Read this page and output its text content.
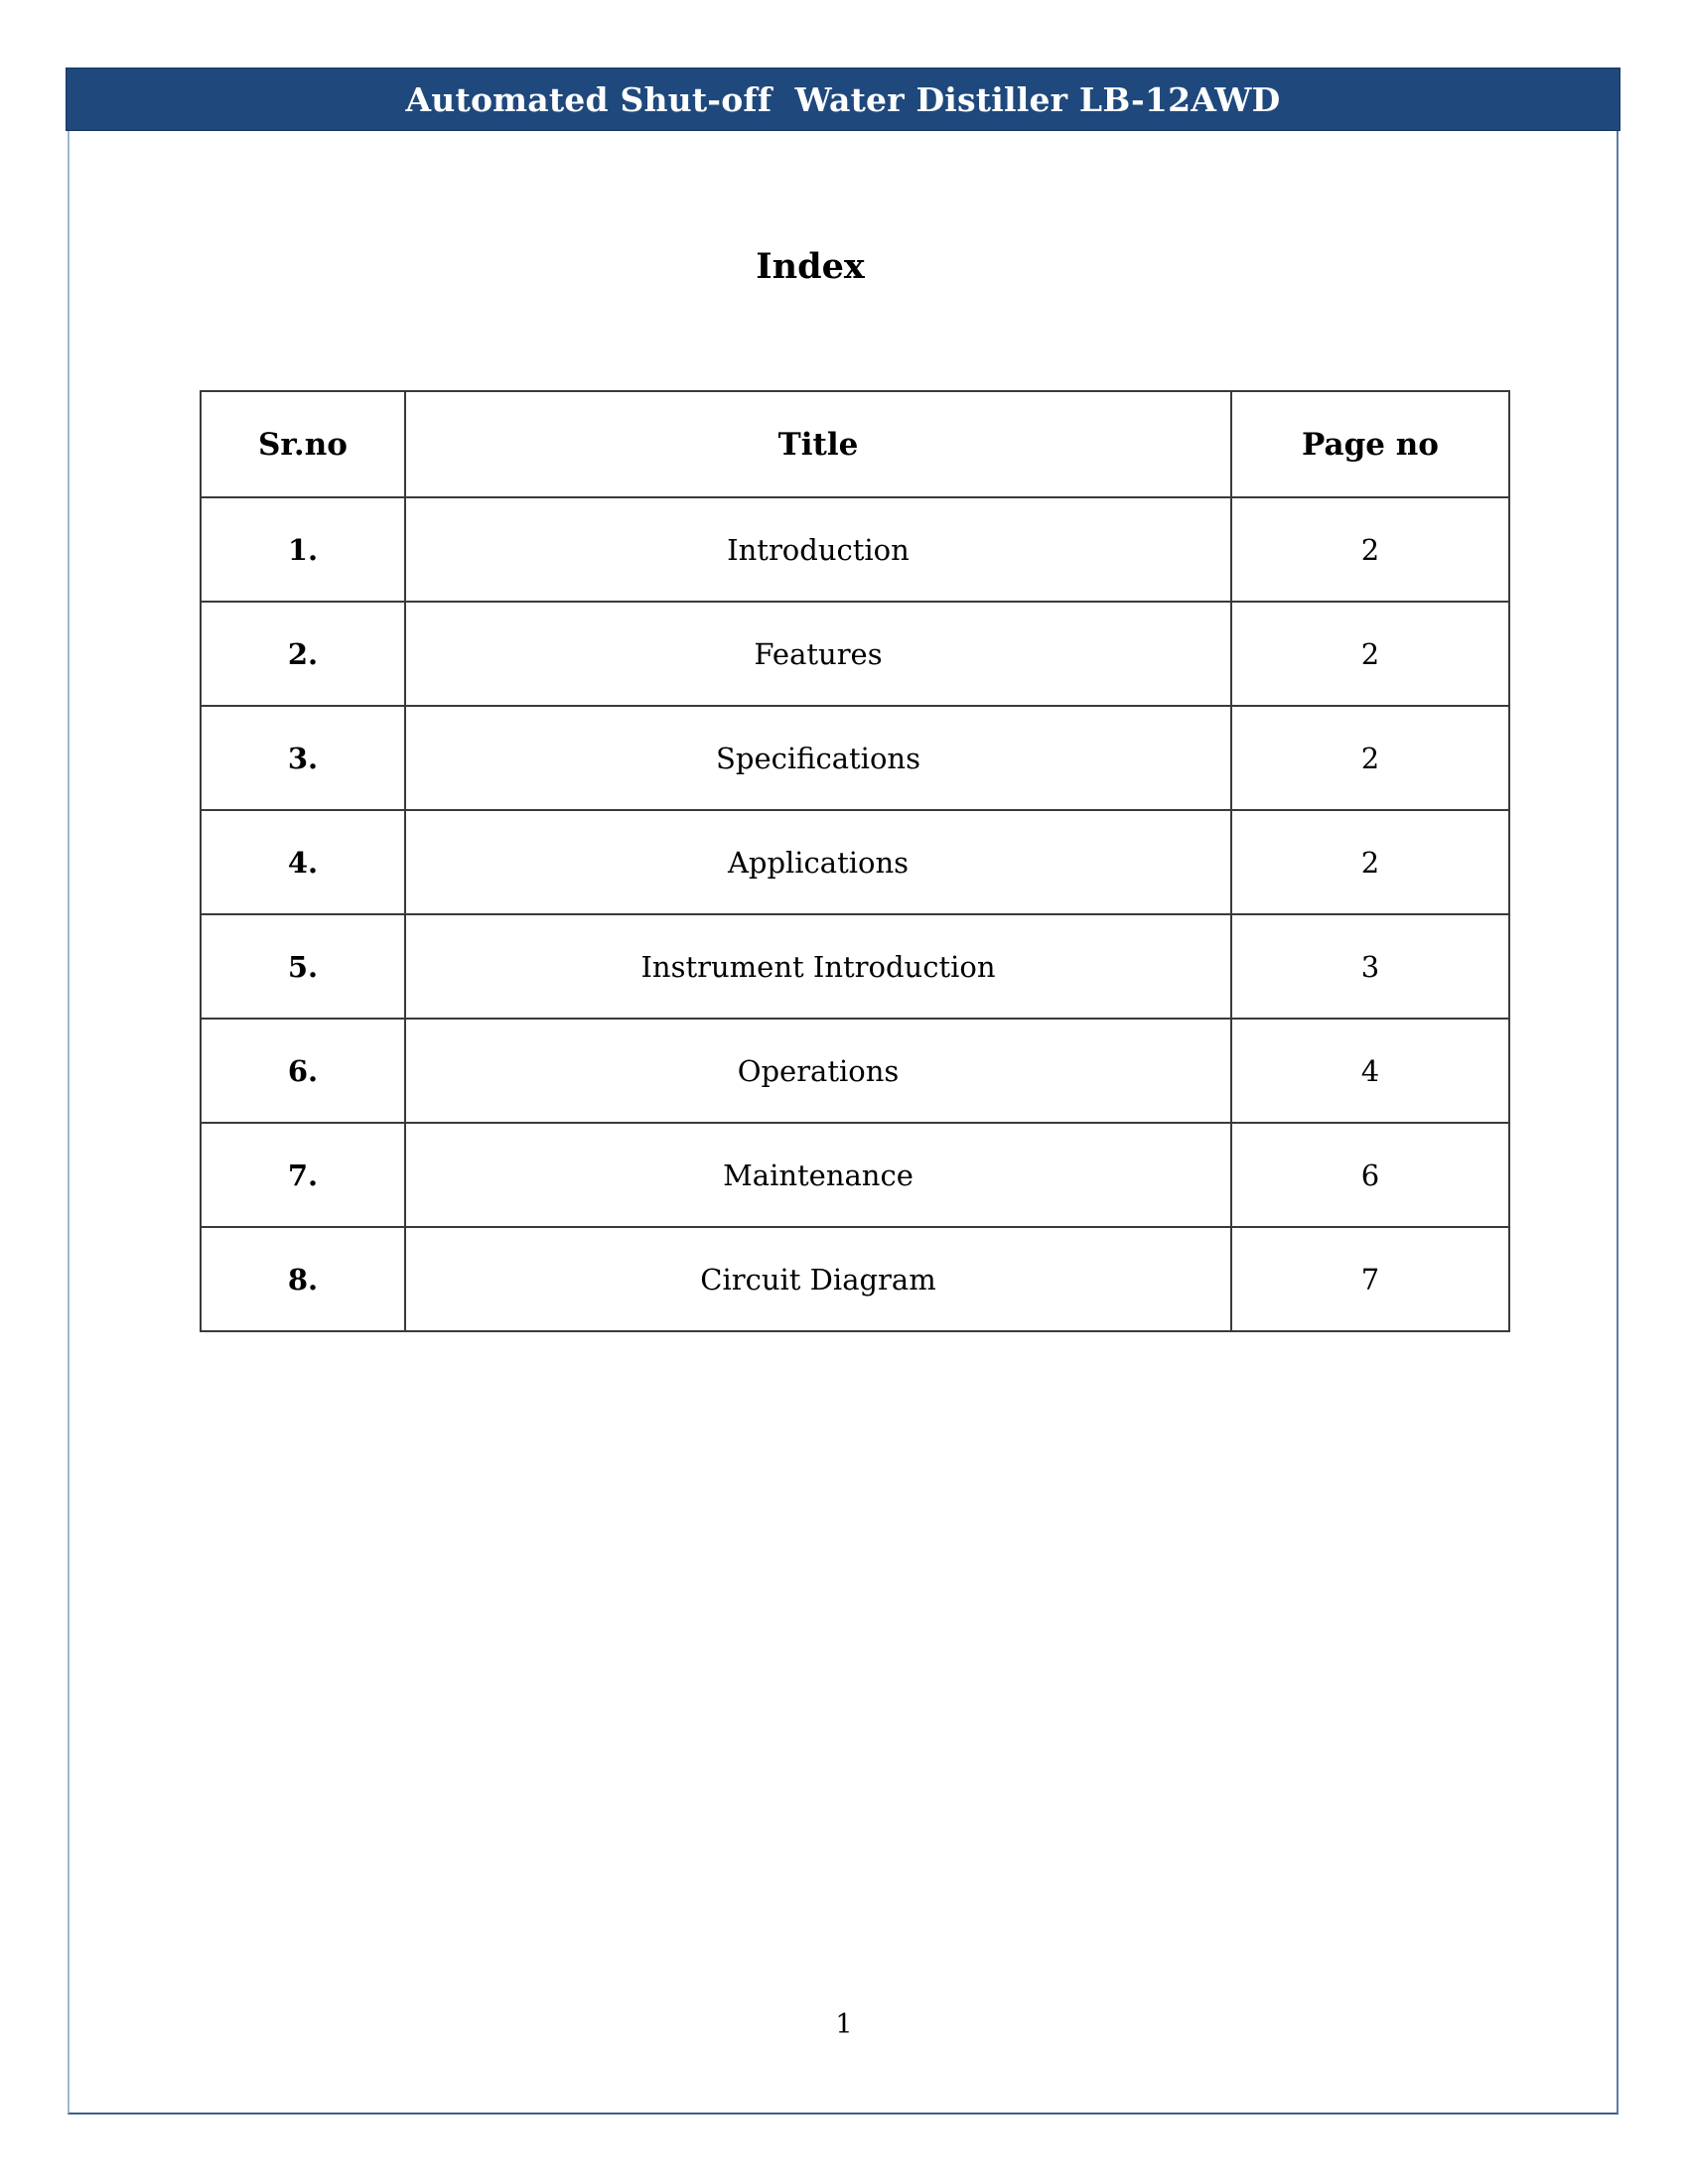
Automated Shut-off  Water Distiller LB-12AWD
Index
Sr.no	Title	Page no
1.	Introduction	2
2.	Features	2
3.	Specifications	2
4.	Applications	2
5.	Instrument Introduction	3
6.	Operations	4
7.	Maintenance	6
8.	Circuit Diagram	7
1
